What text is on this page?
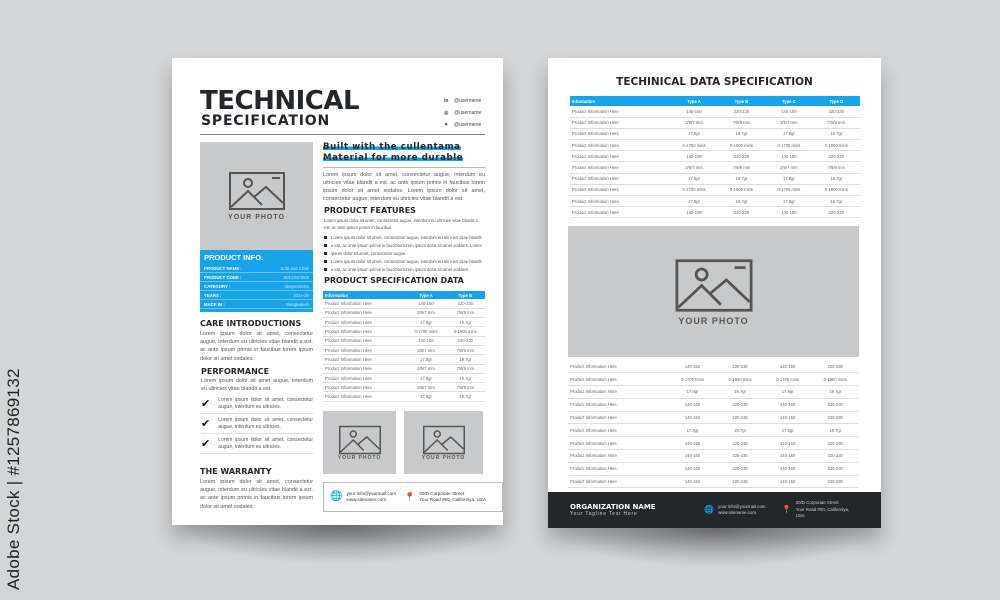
Adobe Stock | #1257869132
TECHNICAL
SPECIFICATION
in	@username
◎	@username
✦	@username
YOUR PHOTO
PRODUCT INFO.
PRODUCT NAME :	Sofa and Chair
PRODUCT CODE :	001234/0005
CATEGORY :	xbayes2SDc
YEARS :	2024-25
MADE IN :	Bangladesh
CARE INTRODUCTIONS
Lorem ipsum dolor sit amet, consectetur augue, interdum eu ultricies vitae blandit a est. ac ante ipsum primis in faucibus lorem ipsum dolor sit amet sodales.
PERFORMANCE
Lorem ipsum dolor sit amet augue, interdum eu ultricies vitae blandit a est.
✔ Lorem ipsum dolor sit amet, consectetur augue, interdum eu ultricies.
✔ Lorem ipsum dolor sit amet, consectetur augue, interdum eu ultricies.
✔ Lorem ipsum dolor sit amet, consectetur augue, interdum eu ultricies.
THE WARRANTY
Lorem ipsum dolor sit amet, consectetur augue, interdum eu ultricies vitae blandit a est. ac ante ipsum primis in faucibus lorem ipsum dolor sit amet sodales.
Built with the cullentama
Material for more durable
Lorem ipsum dolor sit amet, consectetur augue, interdum eu ultricies vitae blandit a est. ac ante ipsum primis in faucibus lorem ipsum dolor sit amet sodales. Lorem ipsum dolor sit amet, consectetur augue, interdum eu ultricies vitae blandit a est.
PRODUCT FEATURES
Lorem ipsum dolor sit amet, consectetur augue, interdum eu ultricies vitae blandit a est. ac ante ipsum primis in faucibus
Lorem ipsum dolor sit amet, consectetur augue, interdum eu ultricies vitae blandit
a est. ac ante ipsum primis in faucibus lorem ipsum dolor sit amet sodales. Lorem
ipsum dolor sit amet, consectetur augue.
Lorem ipsum dolor sit amet, consectetur augue, interdum eu ultricies vitae blandit
a est. ac ante ipsum primis in faucibus lorem ipsum dolor sit amet sodales.
PRODUCT SPECIFICATION DATA
Information	Type A	Type B
Product Information Here	140-150	220-230
Product Information Here	3/5/7 mm	7/8/9 mm
Product Information Here	17.8gr	19.7gr
Product Information Here	0-1700 mins	0-1900 mins
Product Information Here	140-150	220-230
Product Information Here	3/5/7 mm	7/8/9 mm
Product Information Here	17.8gr	19.7gr
Product Information Here	3/5/7 mm	7/8/9 mm
Product Information Here	17.8gr	19.7gr
Product Information Here	3/5/7 mm	7/8/9 mm
Product Information Here	17.8gr	19.7gr
YOUR PHOTO	YOUR PHOTO
🌐 your info@yourmail.com
www.sitename.com	📍 00/D Corporate Street
Your Road #00, Californiya, USA
TECHINICAL DATA SPECIFICATION
Information	Type A	Type B	Type C	Type D
Product Information Here	140-150	220-230	140-150	220-230
Product Information Here	3/5/7 mm	7/8/9 mm	3/5/7 mm	7/8/9 mm
Product Information Here	17.8gr	19.7gr	17.8gr	19.7gr
Product Information Here	0-1700 mins	0-1900 mins	0-1700 mins	0-1900 mins
Product Information Here	140-150	220-230	140-150	220-230
Product Information Here	3/5/7 mm	7/8/9 mm	3/5/7 mm	7/8/9 mm
Product Information Here	17.8gr	19.7gr	17.8gr	19.7gr
Product Information Here	0-1700 mins	0-1900 mins	0-1700 mins	0-1900 mins
Product Information Here	17.8gr	19.7gr	17.8gr	19.7gr
Product Information Here	140-150	220-230	140-150	220-230
YOUR PHOTO
Product Information Here	140-150	220-230	140-150	220-230
Product Information Here	0-1700 mins	0-1900 mins	0-1700 mins	0-1900 mins
Product Information Here	17.8gr	19.7gr	17.8gr	19.7gr
Product Information Here	140-150	220-230	140-150	220-230
Product Information Here	140-150	220-230	140-150	220-230
Product Information Here	17.8gr	19.7gr	17.8gr	19.7gr
Product Information Here	140-150	220-230	140-150	220-230
Product Information Here	140-150	220-230	140-150	220-230
Product Information Here	140-150	220-230	140-150	220-230
Product Information Here	140-150	220-230	140-150	220-230
ORGANIZATION NAME
Your Tagline Text Here
🌐 your info@yourmail.com
www.sitename.com	📍
00/D Corporate Street
Your Road #00, Californiya, USA
